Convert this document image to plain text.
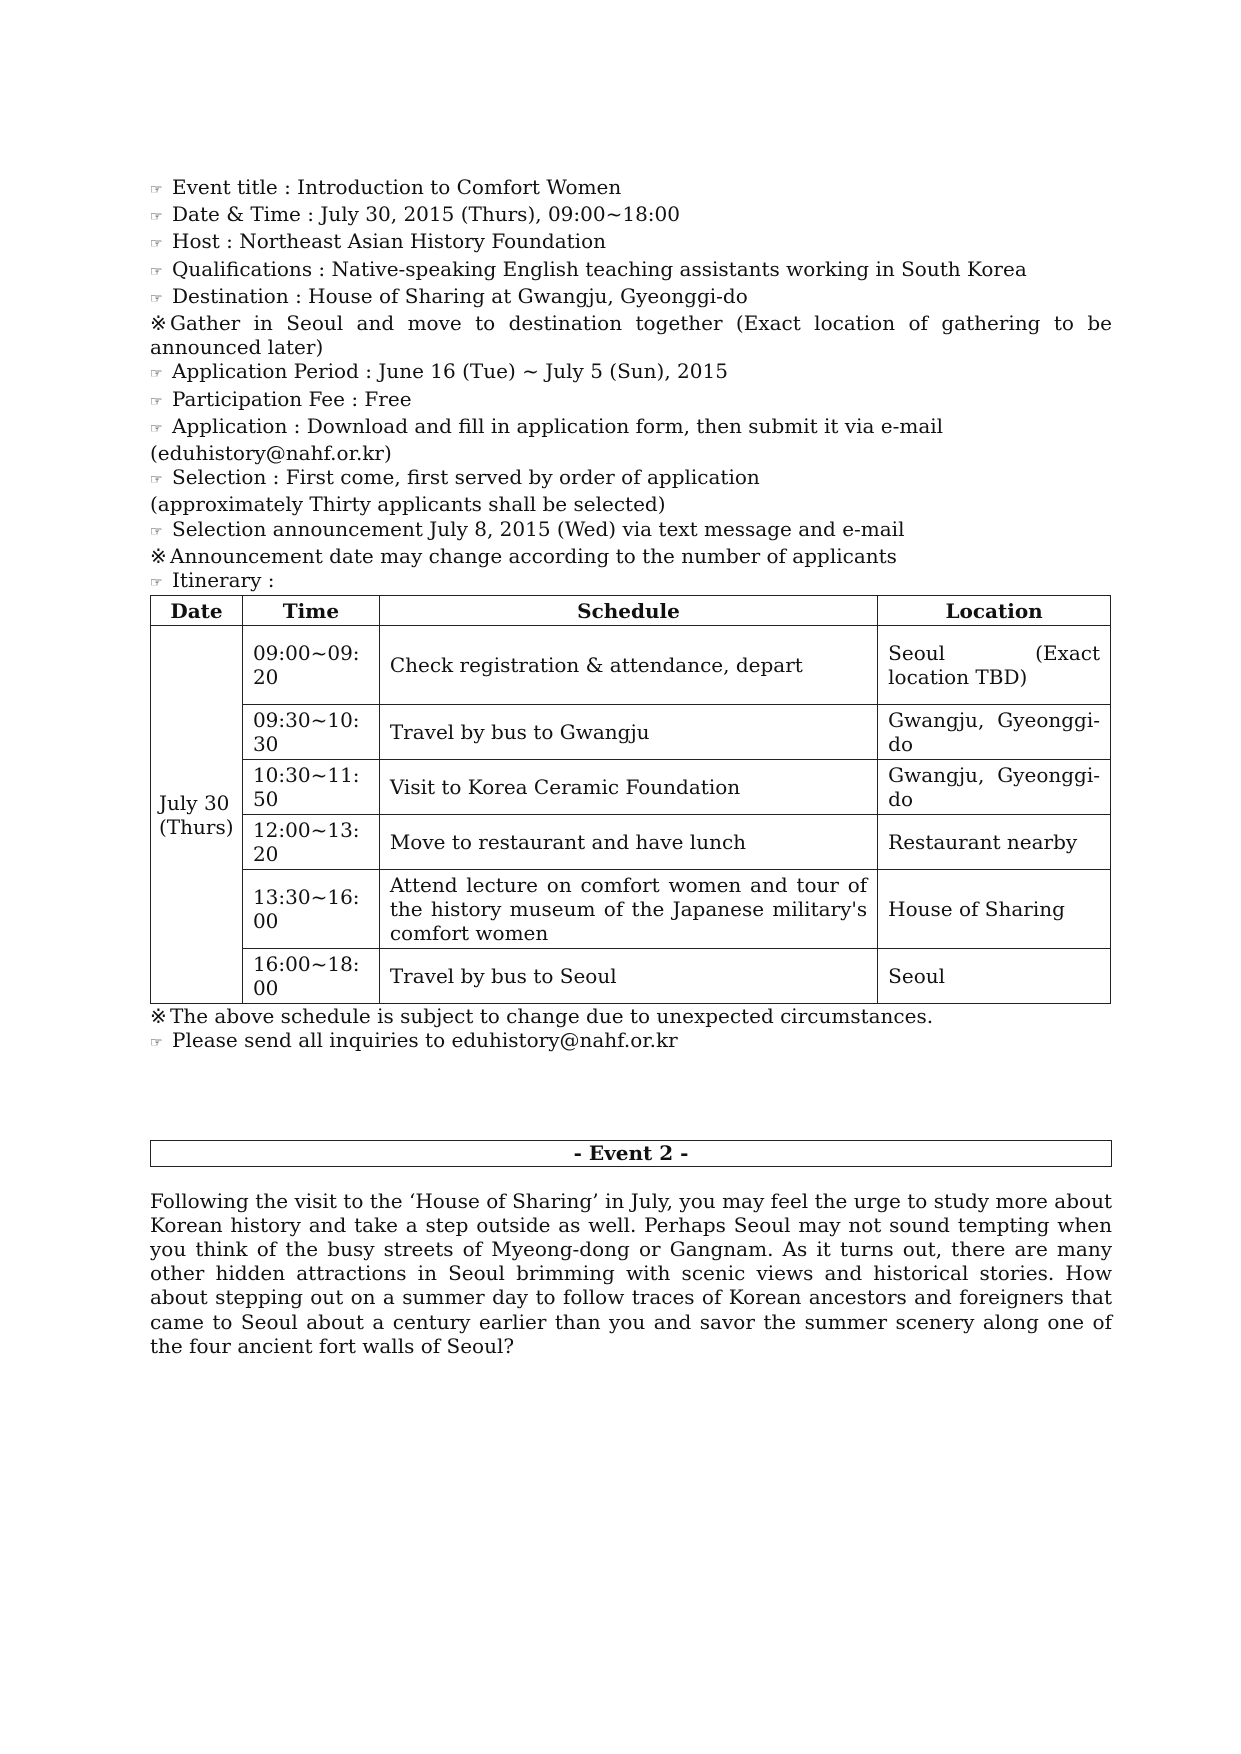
☞ Event title : Introduction to Comfort Women
☞ Date & Time : July 30, 2015 (Thurs), 09:00~18:00
☞ Host : Northeast Asian History Foundation
☞ Qualifications : Native-speaking English teaching assistants working in South Korea
☞ Destination : House of Sharing at Gwangju, Gyeonggi-do
※ Gather in Seoul and move to destination together (Exact location of gathering to be announced later)
☞ Application Period : June 16 (Tue) ~ July 5 (Sun), 2015
☞ Participation Fee : Free
☞ Application : Download and fill in application form, then submit it via e-mail
(eduhistory@nahf.or.kr)
☞ Selection : First come, first served by order of application
(approximately Thirty applicants shall be selected)
☞ Selection announcement July 8, 2015 (Wed) via text message and e-mail
※ Announcement date may change according to the number of applicants
☞ Itinerary :
Date	Time	Schedule	Location
July 30 (Thurs)	09:00~09:20	Check registration & attendance, depart	Seoul (Exact location TBD)
	09:30~10:30	Travel by bus to Gwangju	Gwangju, Gyeonggi-do
	10:30~11:50	Visit to Korea Ceramic Foundation	Gwangju, Gyeonggi-do
	12:00~13:20	Move to restaurant and have lunch	Restaurant nearby
	13:30~16:00	Attend lecture on comfort women and tour of the history museum of the Japanese military's comfort women	House of Sharing
	16:00~18:00	Travel by bus to Seoul	Seoul
※ The above schedule is subject to change due to unexpected circumstances.
☞ Please send all inquiries to eduhistory@nahf.or.kr
- Event 2 -
Following the visit to the ‘House of Sharing’ in July, you may feel the urge to study more about Korean history and take a step outside as well. Perhaps Seoul may not sound tempting when you think of the busy streets of Myeong-dong or Gangnam. As it turns out, there are many other hidden attractions in Seoul brimming with scenic views and historical stories. How about stepping out on a summer day to follow traces of Korean ancestors and foreigners that came to Seoul about a century earlier than you and savor the summer scenery along one of the four ancient fort walls of Seoul?
